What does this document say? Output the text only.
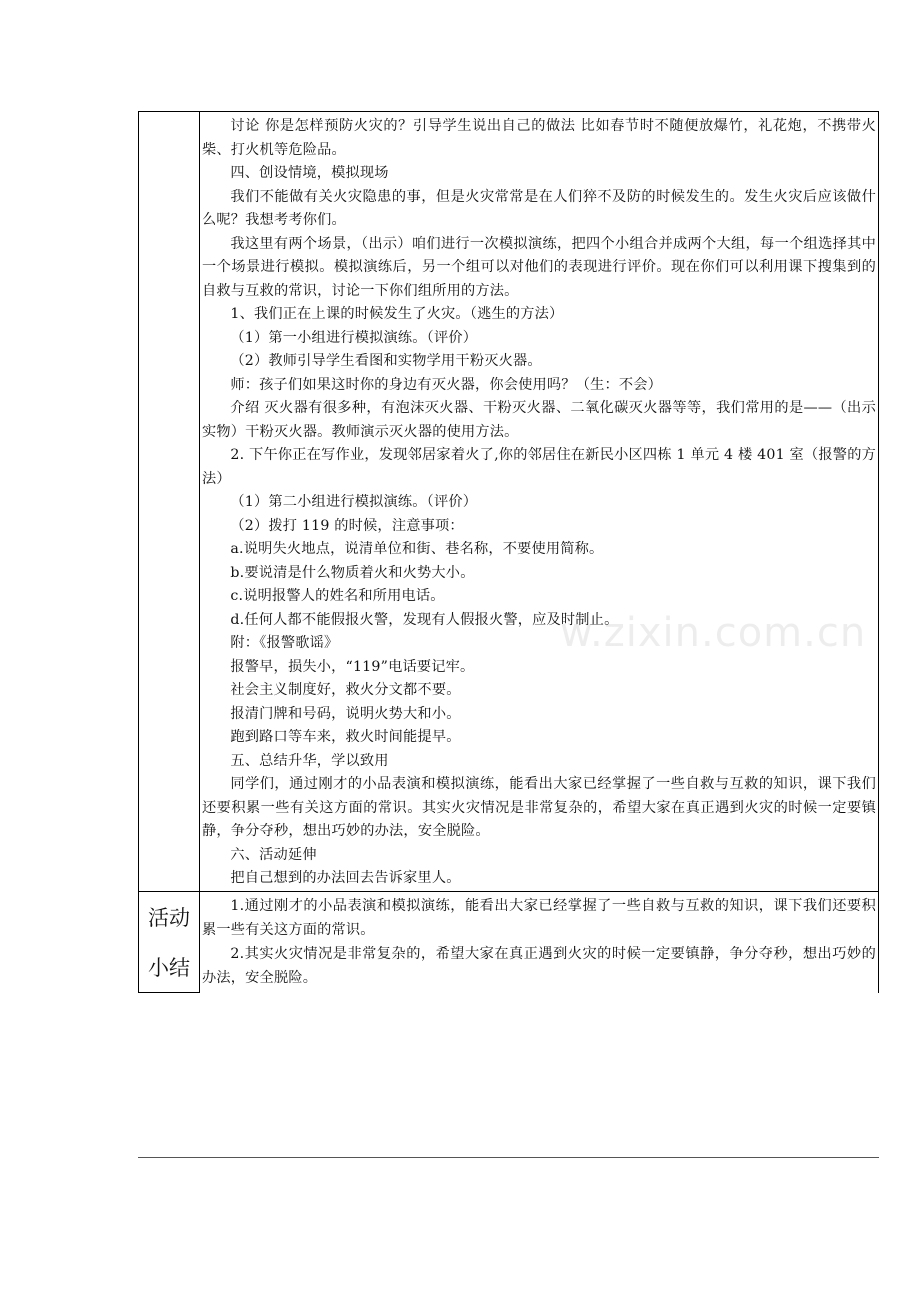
讨论 你是怎样预防火灾的？引导学生说出自己的做法 比如春节时不随便放爆竹，礼花炮，不携带火柴、打火机等危险品。

四、创设情境，模拟现场

我们不能做有关火灾隐患的事，但是火灾常常是在人们猝不及防的时候发生的。发生火灾后应该做什么呢？我想考考你们。

我这里有两个场景，（出示）咱们进行一次模拟演练，把四个小组合并成两个大组，每一个组选择其中一个场景进行模拟。模拟演练后，另一个组可以对他们的表现进行评价。现在你们可以利用课下搜集到的自救与互救的常识，讨论一下你们组所用的方法。

1、我们正在上课的时候发生了火灾。（逃生的方法）

（1）第一小组进行模拟演练。（评价）

（2）教师引导学生看图和实物学用干粉灭火器。

师：孩子们如果这时你的身边有灭火器，你会使用吗？（生：不会）

介绍 灭火器有很多种，有泡沫灭火器、干粉灭火器、二氧化碳灭火器等等，我们常用的是——（出示实物）干粉灭火器。教师演示灭火器的使用方法。

2. 下午你正在写作业，发现邻居家着火了,你的邻居住在新民小区四栋 1 单元 4 楼 401 室（报警的方法）

（1）第二小组进行模拟演练。（评价）

（2）拨打 119 的时候，注意事项：

a.说明失火地点，说清单位和街、巷名称，不要使用简称。

b.要说清是什么物质着火和火势大小。

c.说明报警人的姓名和所用电话。

d.任何人都不能假报火警，发现有人假报火警，应及时制止。

附：《报警歌谣》

报警早，损失小，“119”电话要记牢。

社会主义制度好，救火分文都不要。

报清门牌和号码，说明火势大和小。

跑到路口等车来，救火时间能提早。

五、总结升华，学以致用

同学们，通过刚才的小品表演和模拟演练，能看出大家已经掌握了一些自救与互救的知识，课下我们还要积累一些有关这方面的常识。其实火灾情况是非常复杂的，希望大家在真正遇到火灾的时候一定要镇静，争分夺秒，想出巧妙的办法，安全脱险。

六、活动延伸

把自己想到的办法回去告诉家里人。

活动
小结

1.通过刚才的小品表演和模拟演练，能看出大家已经掌握了一些自救与互救的知识，课下我们还要积累一些有关这方面的常识。

2.其实火灾情况是非常复杂的，希望大家在真正遇到火灾的时候一定要镇静，争分夺秒，想出巧妙的办法，安全脱险。

w.zixin.com.cn
